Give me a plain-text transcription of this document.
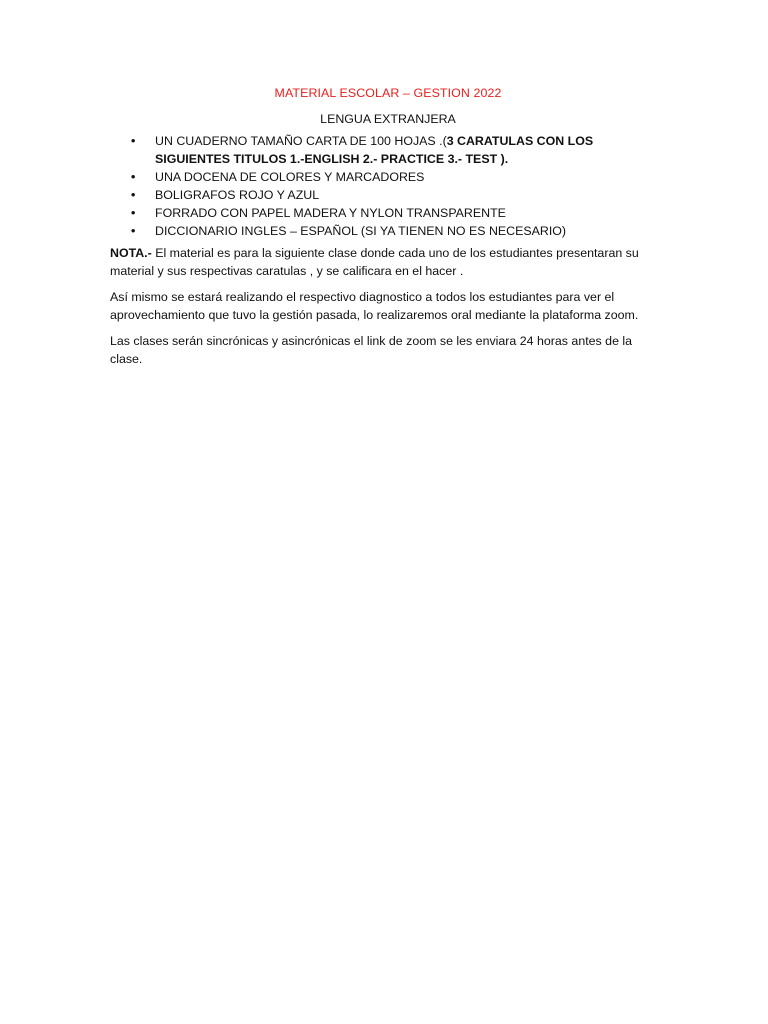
MATERIAL ESCOLAR – GESTION 2022
LENGUA EXTRANJERA
• UN CUADERNO TAMAÑO CARTA DE 100 HOJAS .(3 CARATULAS CON LOS SIGUIENTES TITULOS 1.-ENGLISH 2.- PRACTICE 3.- TEST ).
• UNA DOCENA DE COLORES Y MARCADORES
• BOLIGRAFOS ROJO Y AZUL
• FORRADO CON PAPEL MADERA Y NYLON TRANSPARENTE
• DICCIONARIO INGLES – ESPAÑOL (SI YA TIENEN NO ES NECESARIO)

NOTA.- El material es para la siguiente clase donde cada uno de los estudiantes presentaran su material y sus respectivas caratulas , y se calificara en el hacer .

Así mismo se estará realizando el respectivo diagnostico a todos los estudiantes para ver el aprovechamiento que tuvo la gestión pasada, lo realizaremos oral mediante la plataforma zoom.

Las clases serán sincrónicas y asincrónicas el link de zoom se les enviara 24 horas antes de la clase.
